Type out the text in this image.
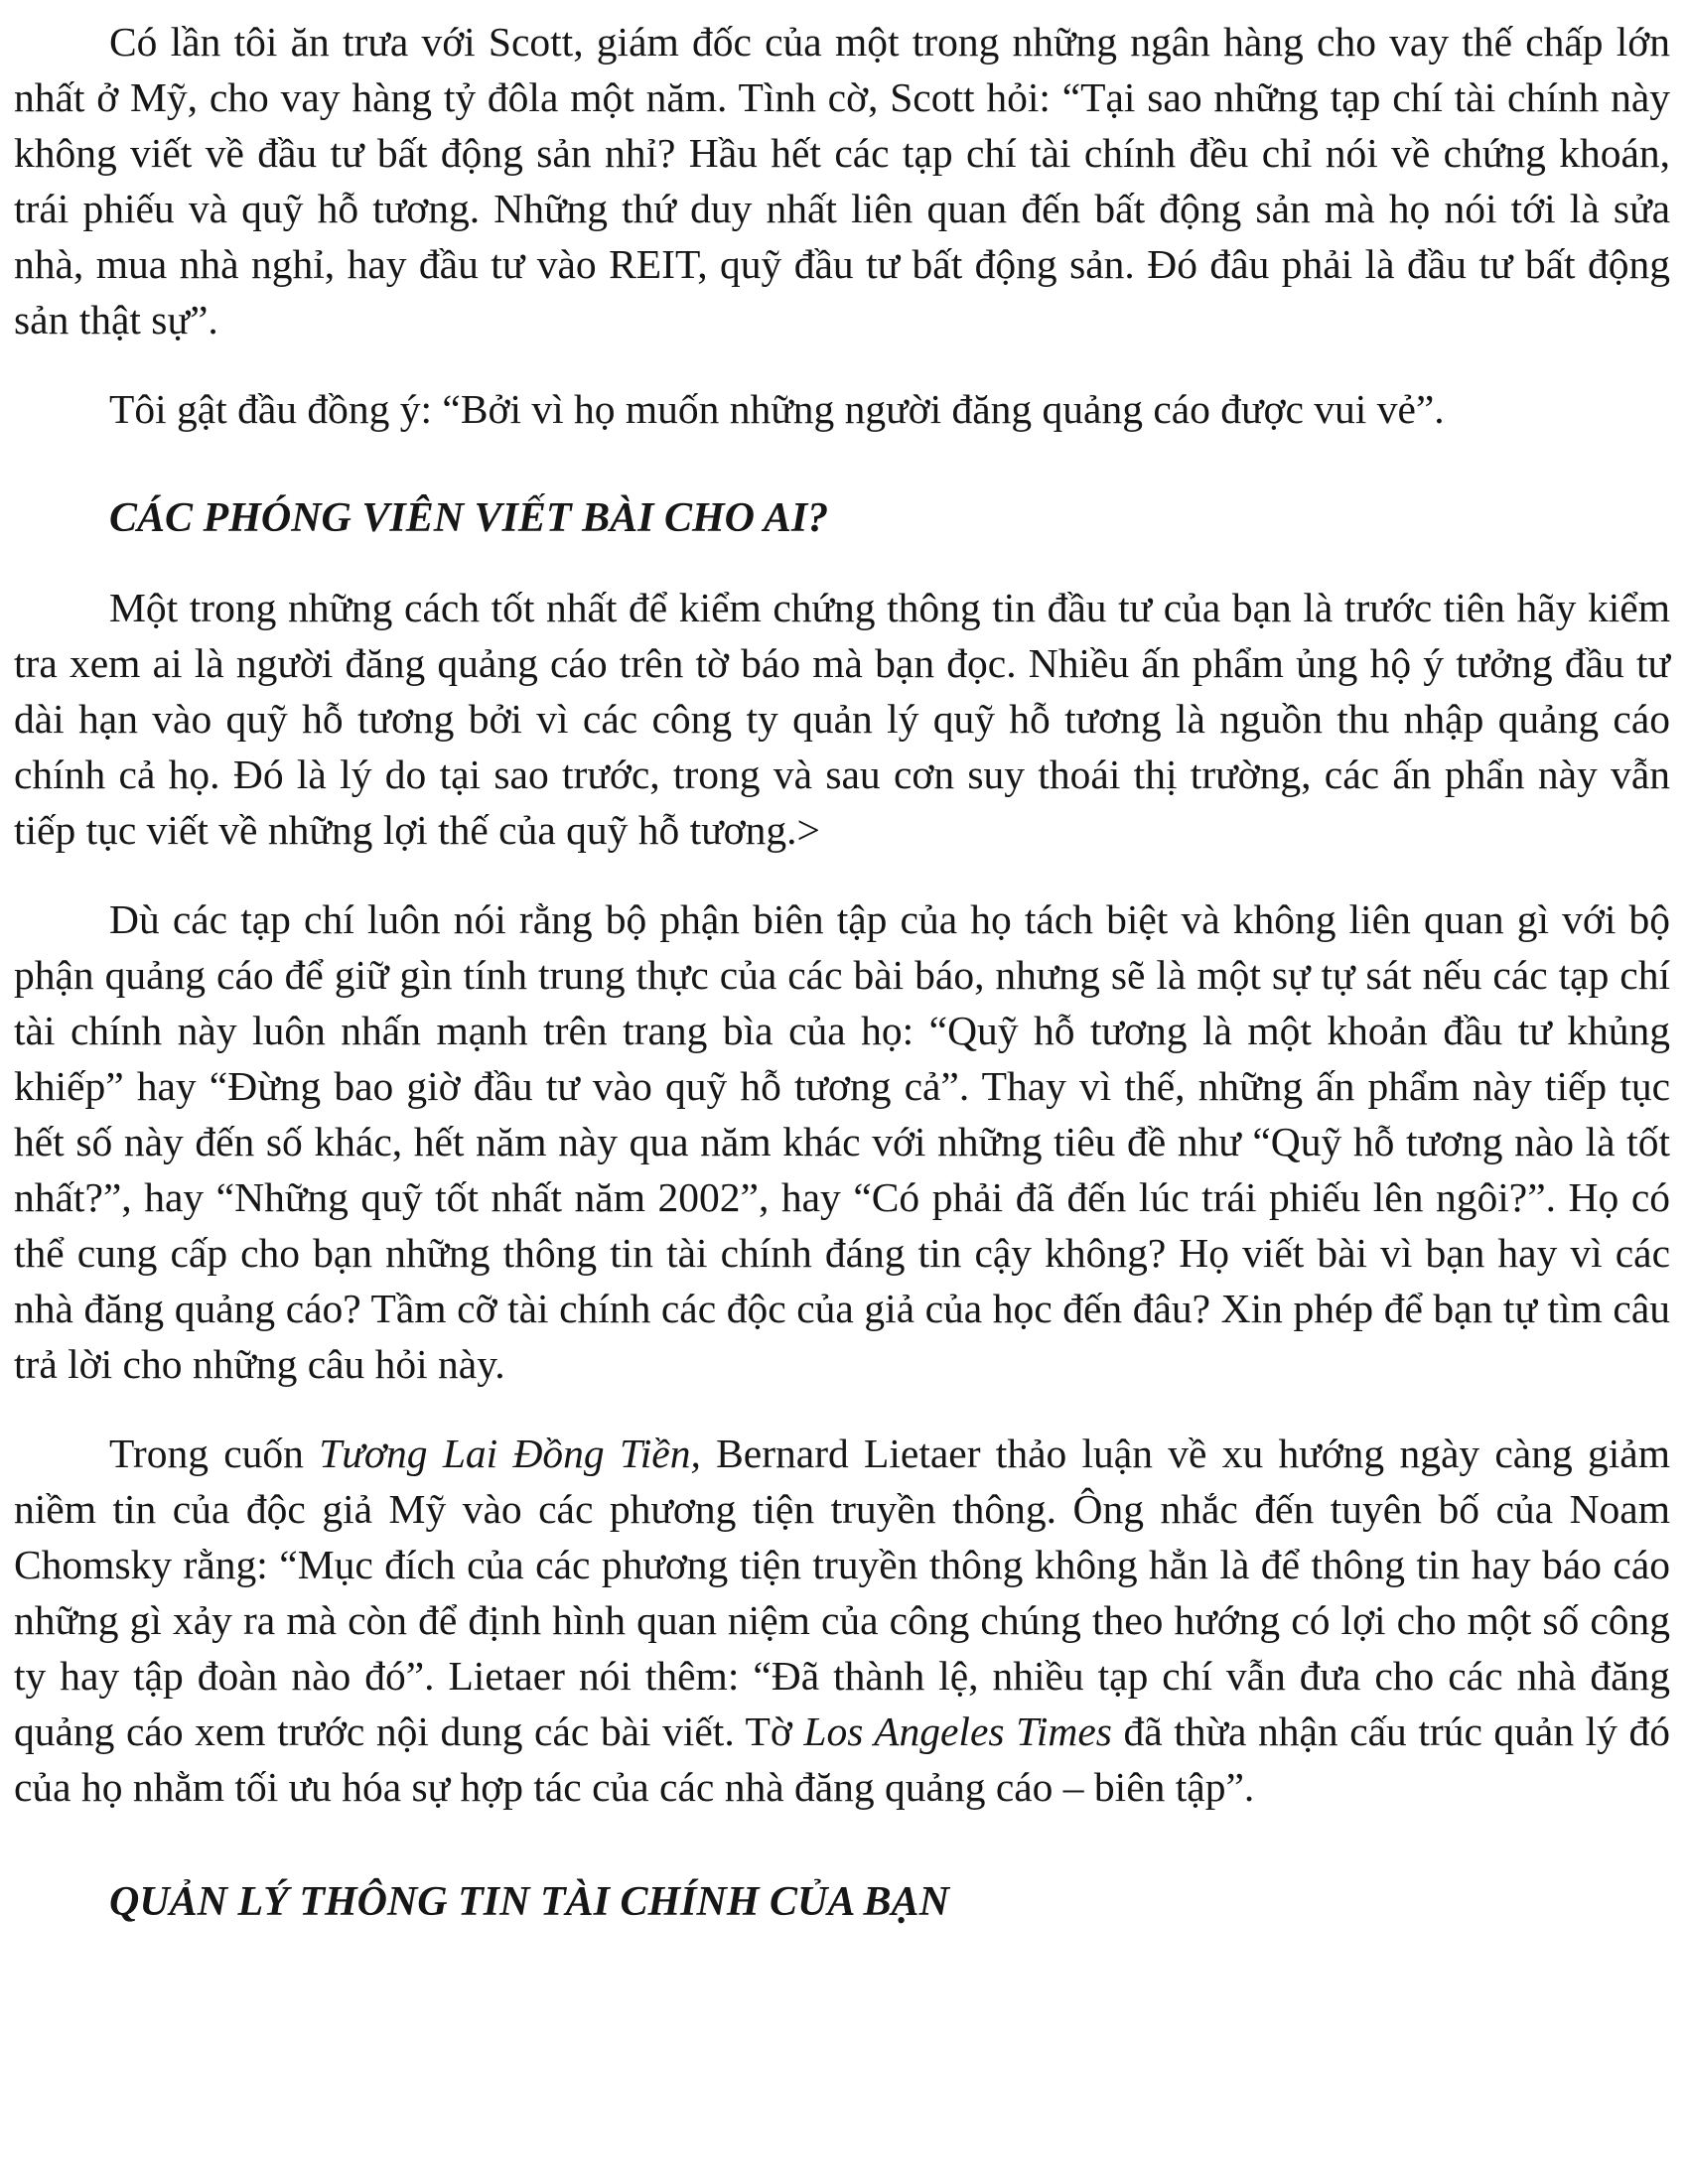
Có lần tôi ăn trưa với Scott, giám đốc của một trong những ngân hàng cho vay thế chấp lớn nhất ở Mỹ, cho vay hàng tỷ đôla một năm. Tình cờ, Scott hỏi: “Tại sao những tạp chí tài chính này không viết về đầu tư bất động sản nhỉ? Hầu hết các tạp chí tài chính đều chỉ nói về chứng khoán, trái phiếu và quỹ hỗ tương. Những thứ duy nhất liên quan đến bất động sản mà họ nói tới là sửa nhà, mua nhà nghỉ, hay đầu tư vào REIT, quỹ đầu tư bất động sản. Đó đâu phải là đầu tư bất động sản thật sự”.

Tôi gật đầu đồng ý: “Bởi vì họ muốn những người đăng quảng cáo được vui vẻ”.

CÁC PHÓNG VIÊN VIẾT BÀI CHO AI?

Một trong những cách tốt nhất để kiểm chứng thông tin đầu tư của bạn là trước tiên hãy kiểm tra xem ai là người đăng quảng cáo trên tờ báo mà bạn đọc. Nhiều ấn phẩm ủng hộ ý tưởng đầu tư dài hạn vào quỹ hỗ tương bởi vì các công ty quản lý quỹ hỗ tương là nguồn thu nhập quảng cáo chính cả họ. Đó là lý do tại sao trước, trong và sau cơn suy thoái thị trường, các ấn phẩn này vẫn tiếp tục viết về những lợi thế của quỹ hỗ tương.>

Dù các tạp chí luôn nói rằng bộ phận biên tập của họ tách biệt và không liên quan gì với bộ phận quảng cáo để giữ gìn tính trung thực của các bài báo, nhưng sẽ là một sự tự sát nếu các tạp chí tài chính này luôn nhấn mạnh trên trang bìa của họ: “Quỹ hỗ tương là một khoản đầu tư khủng khiếp” hay “Đừng bao giờ đầu tư vào quỹ hỗ tương cả”. Thay vì thế, những ấn phẩm này tiếp tục hết số này đến số khác, hết năm này qua năm khác với những tiêu đề như “Quỹ hỗ tương nào là tốt nhất?”, hay “Những quỹ tốt nhất năm 2002”, hay “Có phải đã đến lúc trái phiếu lên ngôi?”. Họ có thể cung cấp cho bạn những thông tin tài chính đáng tin cậy không? Họ viết bài vì bạn hay vì các nhà đăng quảng cáo? Tầm cỡ tài chính các độc của giả của học đến đâu? Xin phép để bạn tự tìm câu trả lời cho những câu hỏi này.

Trong cuốn Tương Lai Đồng Tiền, Bernard Lietaer thảo luận về xu hướng ngày càng giảm niềm tin của độc giả Mỹ vào các phương tiện truyền thông. Ông nhắc đến tuyên bố của Noam Chomsky rằng: “Mục đích của các phương tiện truyền thông không hẳn là để thông tin hay báo cáo những gì xảy ra mà còn để định hình quan niệm của công chúng theo hướng có lợi cho một số công ty hay tập đoàn nào đó”. Lietaer nói thêm: “Đã thành lệ, nhiều tạp chí vẫn đưa cho các nhà đăng quảng cáo xem trước nội dung các bài viết. Tờ Los Angeles Times đã thừa nhận cấu trúc quản lý đó của họ nhằm tối ưu hóa sự hợp tác của các nhà đăng quảng cáo – biên tập”.

QUẢN LÝ THÔNG TIN TÀI CHÍNH CỦA BẠN
